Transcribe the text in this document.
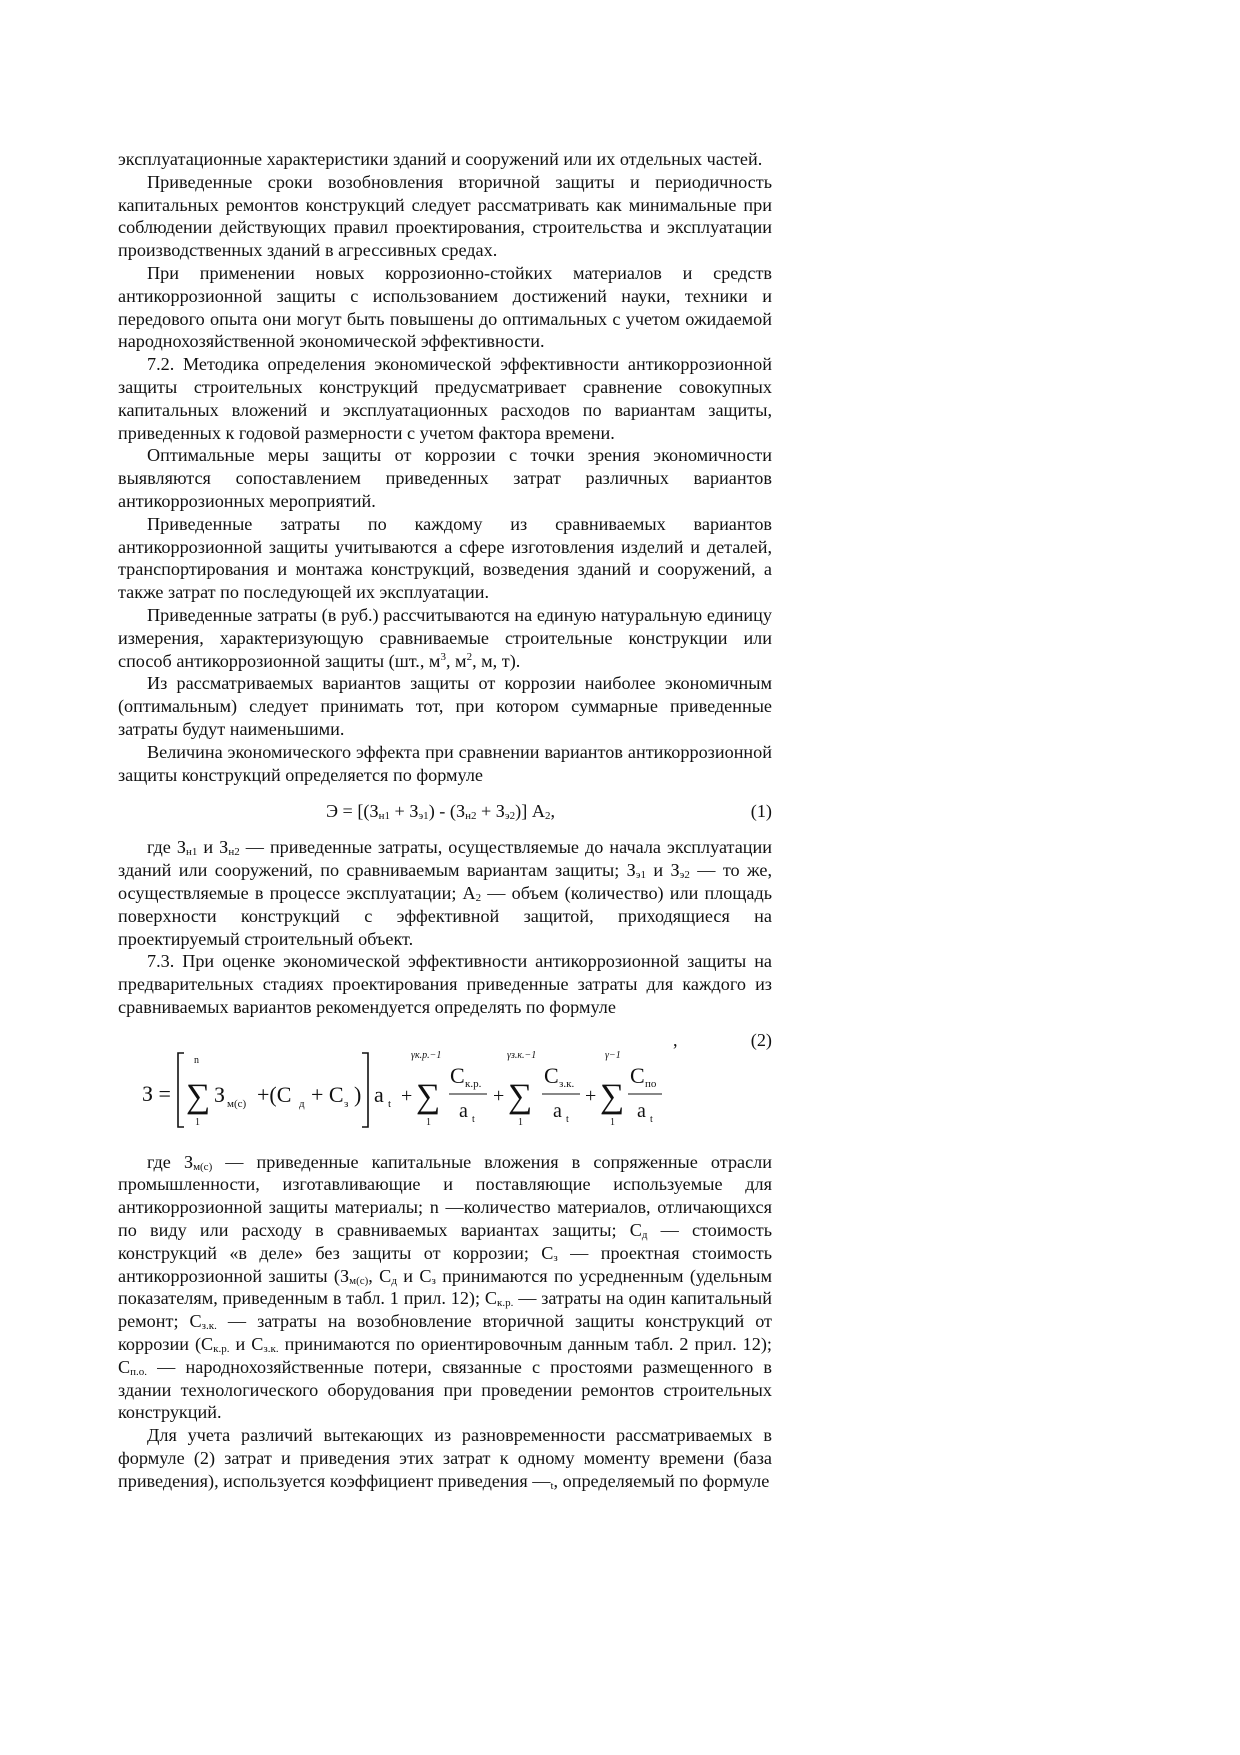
эксплуатационные характеристики зданий и сооружений или их отдельных частей.

Приведенные сроки возобновления вторичной защиты и периодичность капитальных ремонтов конструкций следует рассматривать как минимальные при соблюдении действующих правил проектирования, строительства и эксплуатации производственных зданий в агрессивных средах.

При применении новых коррозионно-стойких материалов и средств антикоррозионной защиты с использованием достижений науки, техники и передового опыта они могут быть повышены до оптимальных с учетом ожидаемой народнохозяйственной экономической эффективности.

7.2. Методика определения экономической эффективности антикоррозионной защиты строительных конструкций предусматривает сравнение совокупных капитальных вложений и эксплуатационных расходов по вариантам защиты, приведенных к годовой размерности с учетом фактора времени.

Оптимальные меры защиты от коррозии с точки зрения экономичности выявляются сопоставлением приведенных затрат различных вариантов антикоррозионных мероприятий.

Приведенные затраты по каждому из сравниваемых вариантов антикоррозионной защиты учитываются а сфере изготовления изделий и деталей, транспортирования и монтажа конструкций, возведения зданий и сооружений, а также затрат по последующей их эксплуатации.

Приведенные затраты (в руб.) рассчитываются на единую натуральную единицу измерения, характеризующую сравниваемые строительные конструкции или способ антикоррозионной защиты (шт., $м^3$, $м^2$, м, т).

Из рассматриваемых вариантов защиты от коррозии наиболее экономичным (оптимальным) следует принимать тот, при котором суммарные приведенные затраты будут наименьшими.

Величина экономического эффекта при сравнении вариантов антикоррозионной защиты конструкций определяется по формуле

$Э = [(З_{н1} + З_{э1}) - (З_{н2} + З_{э2})]$ $A_2$,	(1)

где $З_{н1}$ и $З_{н2}$ — приведенные затраты, осуществляемые до начала эксплуатации зданий или сооружений, по сравниваемым вариантам защиты; $З_{э1}$ и $З_{э2}$ — то же, осуществляемые в процессе эксплуатации; $A_2$ — объем (количество) или площадь поверхности конструкций с эффективной защитой, приходящиеся на проектируемый строительный объект.

7.3. При оценке экономической эффективности антикоррозионной защиты на предварительных стадиях проектирования приведенные затраты для каждого из сравниваемых вариантов рекомендуется определять по формуле

,	(2)
З =
n
∑
1
З м(с) +(С д + С з ) a t +
γк.р.−1
∑
1
С к.р.
a t
+
γз.к.−1
∑
1
С з.к.
a t
+
γ−1
∑
1
С по
a t

где $З_{м(с)}$ — приведенные капитальные вложения в сопряженные отрасли промышленности, изготавливающие и поставляющие используемые для антикоррозионной защиты материалы; n —количество материалов, отличающихся по виду или расходу в сравниваемых вариантах защиты; $С_д$ — стоимость конструкций «в деле» без защиты от коррозии; $С_з$ — проектная стоимость антикоррозионной зашиты ($З_{м(с)}$, $С_д$ и $С_з$ принимаются по усредненным (удельным показателям, приведенным в табл. 1 прил. 12); $С_{к.р.}$ — затраты на один капитальный ремонт; $С_{з.к.}$ — затраты на возобновление вторичной защиты конструкций от коррозии ($С_{к.р.}$ и $С_{з.к.}$ принимаются по ориентировочным данным табл. 2 прил. 12); $С_{п.о.}$ — народнохозяйственные потери, связанные с простоями размещенного в здании технологического оборудования при проведении ремонтов строительных конструкций.

Для учета различий вытекающих из разновременности рассматриваемых в формуле (2) затрат и приведения этих затрат к одному моменту времени (база приведения), используется коэффициент приведения $—_t$, определяемый по формуле
